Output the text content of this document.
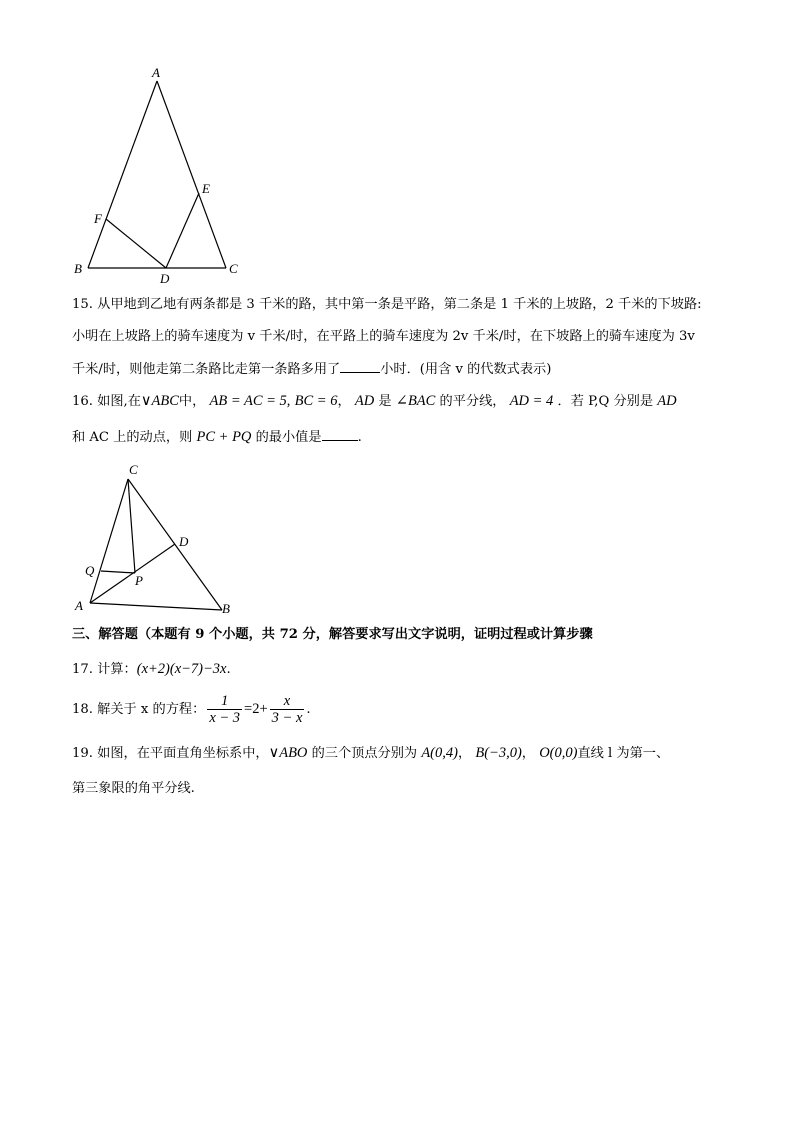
A
B	C
D
E
F
15. 从甲地到乙地有两条都是 3 千米的路，其中第一条是平路，第二条是 1 千米的上坡路，2 千米的下坡路:
小明在上坡路上的骑车速度为 v 千米/时，在平路上的骑车速度为 2v 千米/时，在下坡路上的骑车速度为 3v
千米/时，则他走第二条路比走第一条路多用了	小时．(用含 v 的代数式表示)
16. 如图,在∨ABC中， AB = AC = 5, BC = 6， AD 是 ∠BAC 的平分线， AD = 4 ．若 P,Q 分别是 AD
和 AC 上的动点，则 PC + PQ 的最小值是	.
C
D
Q
P
A	B
三、解答题（本题有 9 个小题，共 72 分，解答要求写出文字说明，证明过程或计算步骤
17. 计算：(x+2)(x−7)−3x.
18. 解关于 x 的方程： $\frac{1}{x - 3} =2+ \frac{x}{3 - x}$ .
19. 如图，在平面直角坐标系中，∨ABO 的三个顶点分别为 A(0,4)， B(−3,0)， O(0,0)直线 l 为第一、
第三象限的角平分线.
